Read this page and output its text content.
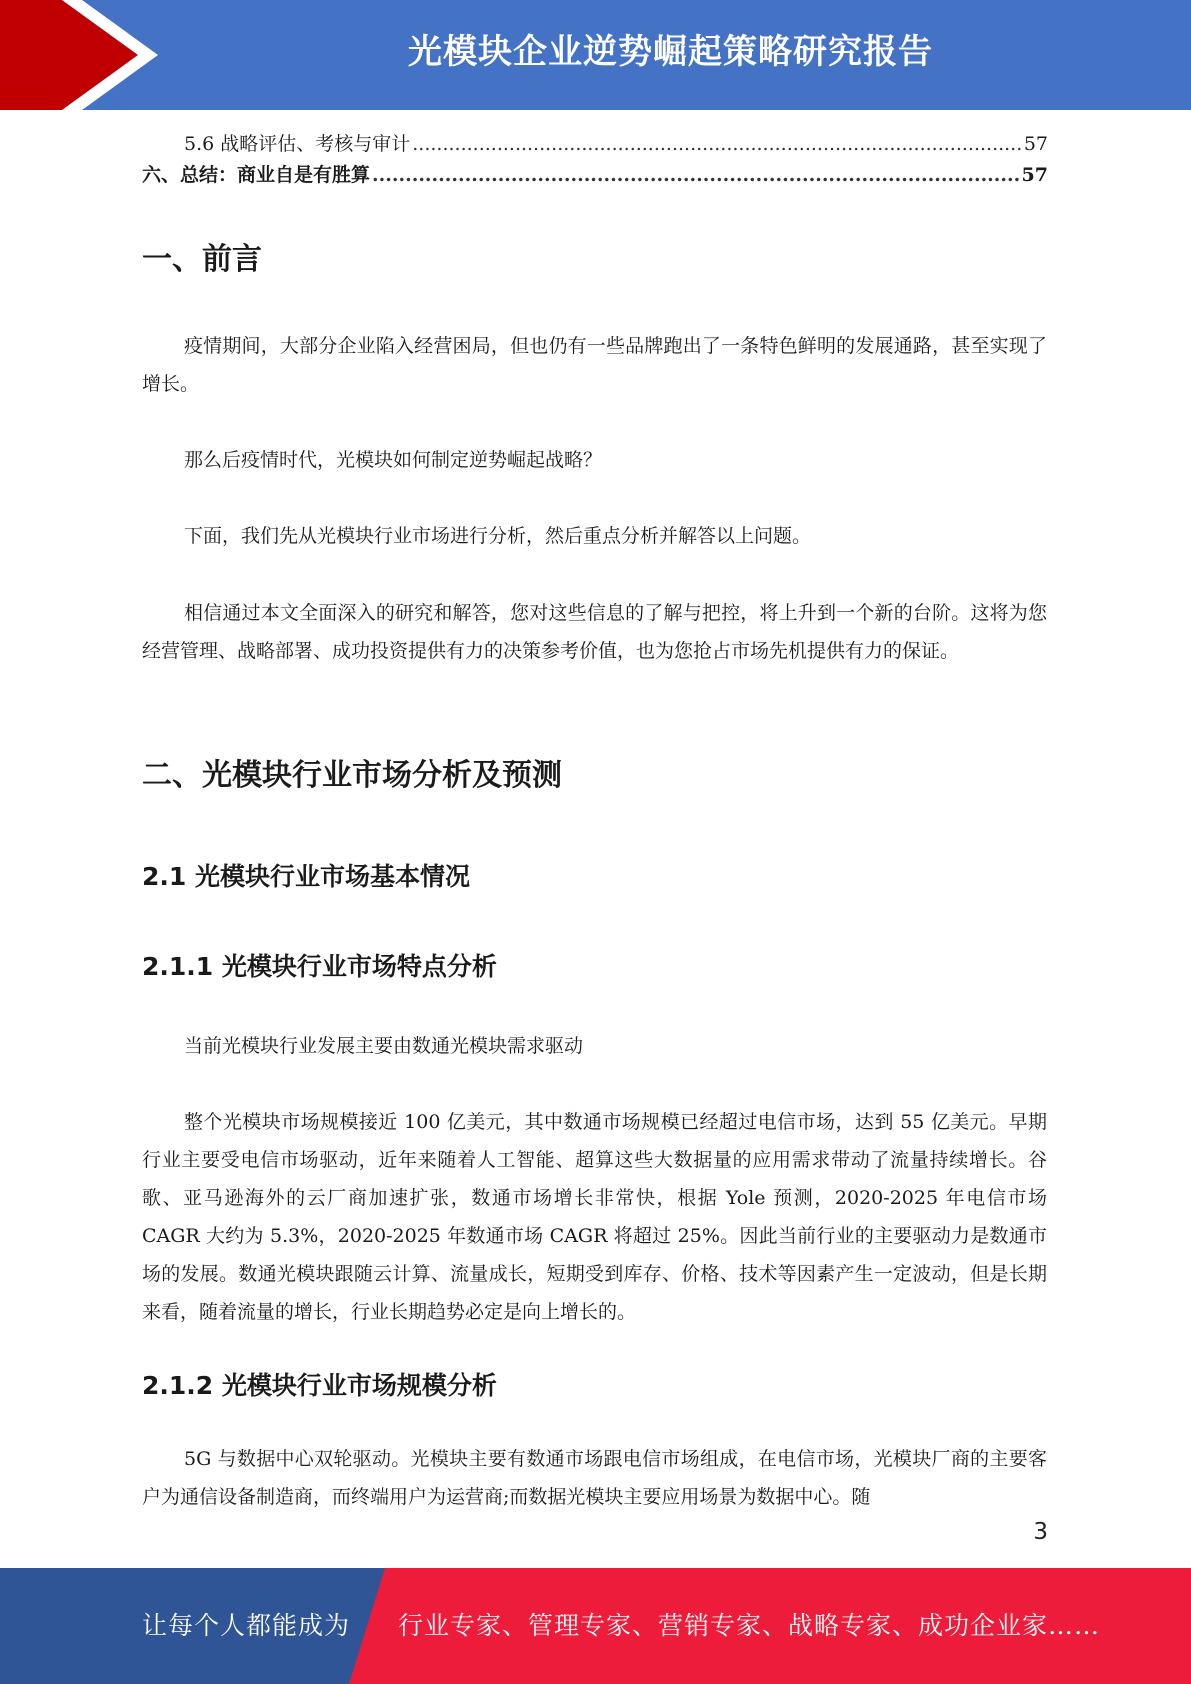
光模块企业逆势崛起策略研究报告
5.6 战略评估、考核与审计 .....	57
六、总结：商业自是有胜算 .....	57
一、前言

疫情期间，大部分企业陷入经营困局，但也仍有一些品牌跑出了一条特色鲜明的发展通路，甚至实现了增长。

那么后疫情时代，光模块如何制定逆势崛起战略？

下面，我们先从光模块行业市场进行分析，然后重点分析并解答以上问题。

相信通过本文全面深入的研究和解答，您对这些信息的了解与把控，将上升到一个新的台阶。这将为您经营管理、战略部署、成功投资提供有力的决策参考价值，也为您抢占市场先机提供有力的保证。

二、光模块行业市场分析及预测
2.1 光模块行业市场基本情况
2.1.1 光模块行业市场特点分析

当前光模块行业发展主要由数通光模块需求驱动

整个光模块市场规模接近 100 亿美元，其中数通市场规模已经超过电信市场，达到 55 亿美元。早期行业主要受电信市场驱动，近年来随着人工智能、超算这些大数据量的应用需求带动了流量持续增长。谷歌、亚马逊海外的云厂商加速扩张，数通市场增长非常快，根据 Yole 预测，2020-2025 年电信市场 CAGR 大约为 5.3%，2020-2025 年数通市场 CAGR 将超过 25%。因此当前行业的主要驱动力是数通市场的发展。数通光模块跟随云计算、流量成长，短期受到库存、价格、技术等因素产生一定波动，但是长期来看，随着流量的增长，行业长期趋势必定是向上增长的。

2.1.2 光模块行业市场规模分析

5G 与数据中心双轮驱动。光模块主要有数通市场跟电信市场组成，在电信市场，光模块厂商的主要客户为通信设备制造商，而终端用户为运营商;而数据光模块主要应用场景为数据中心。随

3
让每个人都能成为 行业专家、管理专家、营销专家、战略专家、成功企业家……
